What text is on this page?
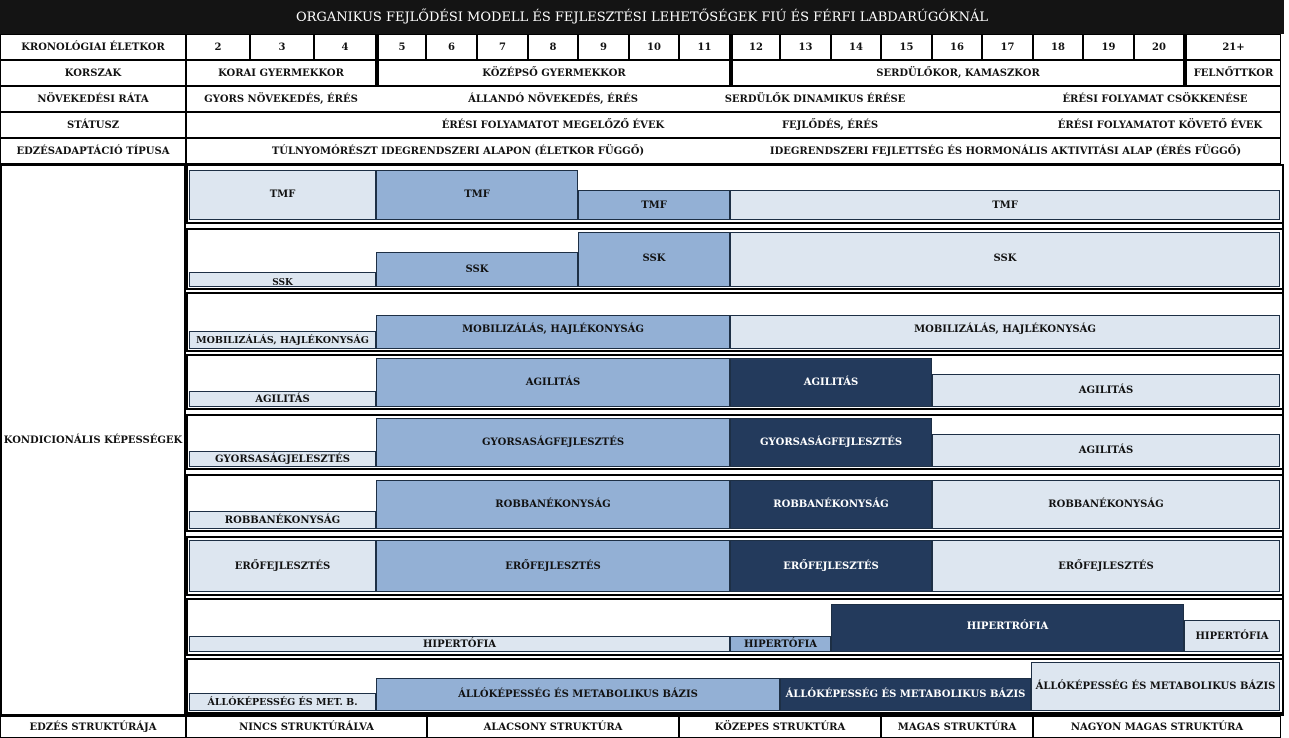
ORGANIKUS FEJLŐDÉSI MODELL ÉS FEJLESZTÉSI LEHETŐSÉGEK FIÚ ÉS FÉRFI LABDARÚGÓKNÁL
KRONOLÓGIAI ÉLETKOR	2	3	4	5	6	7	8	9	10	11	12	13	14	15	16	17	18	19	20	21+
KORSZAK	KORAI GYERMEKKOR	KÖZÉPSŐ GYERMEKKOR	SERDÜLŐKOR, KAMASZKOR	FELNŐTTKOR
NÖVEKEDÉSI RÁTA	GYORS NÖVEKEDÉS, ÉRÉS	ÁLLANDÓ NÖVEKEDÉS, ÉRÉS	SERDÜLŐK DINAMIKUS ÉRÉSE	ÉRÉSI FOLYAMAT CSÖKKENÉSE
STÁTUSZ	ÉRÉSI FOLYAMATOT MEGELŐZŐ ÉVEK	FEJLŐDÉS, ÉRÉS	ÉRÉSI FOLYAMATOT KÖVETŐ ÉVEK
EDZÉSADAPTÁCIÓ TÍPUSA	TÚLNYOMÓRÉSZT IDEGRENDSZERI ALAPON (ÉLETKOR FÜGGŐ)	IDEGRENDSZERI FEJLETTSÉG ÉS HORMONÁLIS AKTIVITÁSI ALAP (ÉRÉS FÜGGŐ)
KONDICIONÁLIS KÉPESSÉGEK
TMF	TMF
TMF	TMF
SSK
SSK
SSK	SSK
MOBILIZÁLÁS, HAJLÉKONYSÁG
MOBILIZÁLÁS, HAJLÉKONYSÁG	MOBILIZÁLÁS, HAJLÉKONYSÁG
AGILITÁS
AGILITÁS	AGILITÁS
AGILITÁS
GYORSASÁGJELESZTÉS
GYORSASÁGFEJLESZTÉS	GYORSASÁGFEJLESZTÉS
AGILITÁS
ROBBANÉKONYSÁG
ROBBANÉKONYSÁG	ROBBANÉKONYSÁG	ROBBANÉKONYSÁG
ERŐFEJLESZTÉS	ERŐFEJLESZTÉS	ERŐFEJLESZTÉS	ERŐFEJLESZTÉS
HIPERTÓFIA	HIPERTÓFIA
HIPERTRÓFIA
HIPERTÓFIA
ÁLLÓKÉPESSÉG ÉS MET. B.
ÁLLÓKÉPESSÉG ÉS METABOLIKUS BÁZIS	ÁLLÓKÉPESSÉG ÉS METABOLIKUS BÁZIS
ÁLLÓKÉPESSÉG ÉS METABOLIKUS BÁZIS
EDZÉS STRUKTÚRÁJA	NINCS STRUKTÚRÁLVA	ALACSONY STRUKTÚRA	KÖZEPES STRUKTÚRA	MAGAS STRUKTÚRA	NAGYON MAGAS STRUKTÚRA
